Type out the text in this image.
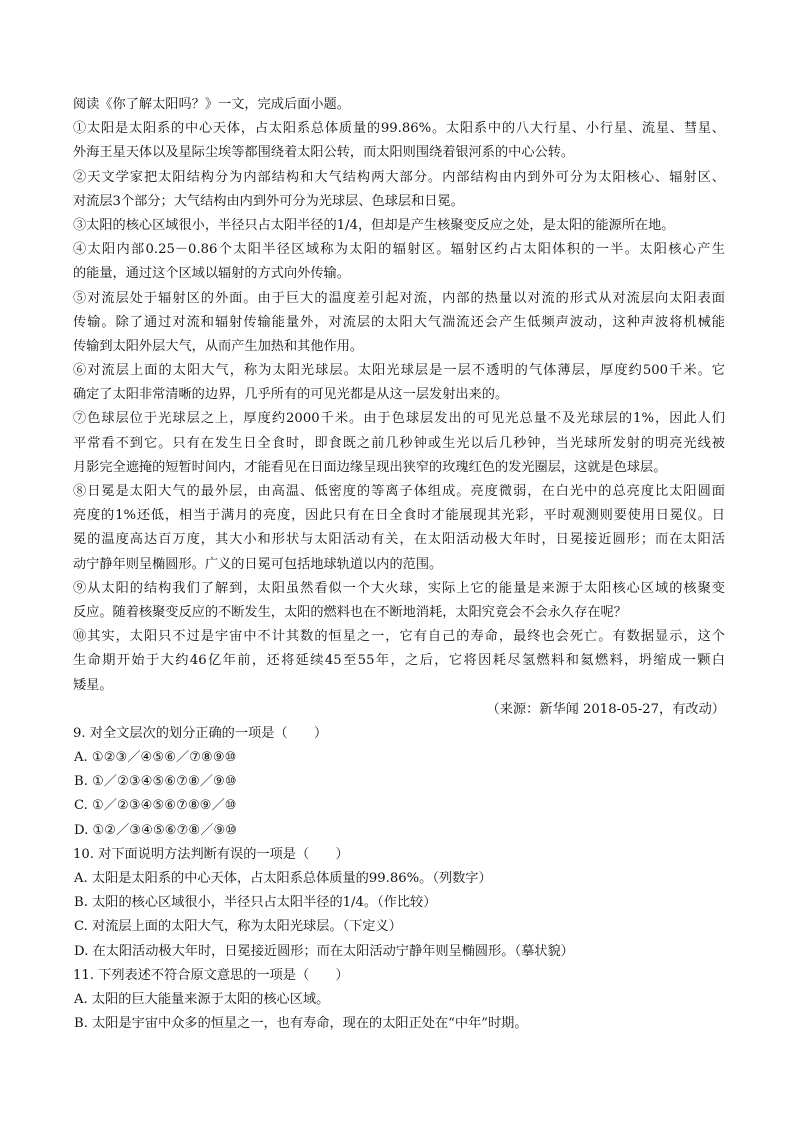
阅读《你了解太阳吗？》一文，完成后面小题。
①太阳是太阳系的中心天体，占太阳系总体质量的99.86%。太阳系中的八大行星、小行星、流星、彗星、
外海王星天体以及星际尘埃等都围绕着太阳公转，而太阳则围绕着银河系的中心公转。
②天文学家把太阳结构分为内部结构和大气结构两大部分。内部结构由内到外可分为太阳核心、辐射区、
对流层3个部分；大气结构由内到外可分为光球层、色球层和日冕。
③太阳的核心区域很小，半径只占太阳半径的1/4，但却是产生核聚变反应之处，是太阳的能源所在地。
④太阳内部0.25－0.86个太阳半径区域称为太阳的辐射区。辐射区约占太阳体积的一半。太阳核心产生
的能量，通过这个区域以辐射的方式向外传输。
⑤对流层处于辐射区的外面。由于巨大的温度差引起对流，内部的热量以对流的形式从对流层向太阳表面
传输。除了通过对流和辐射传输能量外，对流层的太阳大气湍流还会产生低频声波动，这种声波将机械能
传输到太阳外层大气，从而产生加热和其他作用。
⑥对流层上面的太阳大气，称为太阳光球层。太阳光球层是一层不透明的气体薄层，厚度约500千米。它
确定了太阳非常清晰的边界，几乎所有的可见光都是从这一层发射出来的。
⑦色球层位于光球层之上，厚度约2000千米。由于色球层发出的可见光总量不及光球层的1%，因此人们
平常看不到它。只有在发生日全食时，即食既之前几秒钟或生光以后几秒钟，当光球所发射的明亮光线被
月影完全遮掩的短暂时间内，才能看见在日面边缘呈现出狭窄的玫瑰红色的发光圈层，这就是色球层。
⑧日冕是太阳大气的最外层，由高温、低密度的等离子体组成。亮度微弱，在白光中的总亮度比太阳圆面
亮度的1%还低，相当于满月的亮度，因此只有在日全食时才能展现其光彩，平时观测则要使用日冕仪。日
冕的温度高达百万度，其大小和形状与太阳活动有关，在太阳活动极大年时，日冕接近圆形；而在太阳活
动宁静年则呈椭圆形。广义的日冕可包括地球轨道以内的范围。
⑨从太阳的结构我们了解到，太阳虽然看似一个大火球，实际上它的能量是来源于太阳核心区域的核聚变
反应。随着核聚变反应的不断发生，太阳的燃料也在不断地消耗，太阳究竟会不会永久存在呢？
⑩其实，太阳只不过是宇宙中不计其数的恒星之一，它有自己的寿命，最终也会死亡。有数据显示，这个
生命期开始于大约46亿年前，还将延续45至55年，之后，它将因耗尽氢燃料和氦燃料，坍缩成一颗白
矮星。
（来源：新华闻 2018-05-27，有改动）
9. 对全文层次的划分正确的一项是（　　）
A. ①②③／④⑤⑥／⑦⑧⑨⑩
B. ①／②③④⑤⑥⑦⑧／⑨⑩
C. ①／②③④⑤⑥⑦⑧⑨／⑩
D. ①②／③④⑤⑥⑦⑧／⑨⑩
10. 对下面说明方法判断有误的一项是（　　）
A. 太阳是太阳系的中心天体，占太阳系总体质量的99.86%。（列数字）
B. 太阳的核心区域很小，半径只占太阳半径的1/4。（作比较）
C. 对流层上面的太阳大气，称为太阳光球层。（下定义）
D. 在太阳活动极大年时，日冕接近圆形；而在太阳活动宁静年则呈椭圆形。（摹状貌）
11. 下列表述不符合原文意思的一项是（　　）
A. 太阳的巨大能量来源于太阳的核心区域。
B. 太阳是宇宙中众多的恒星之一，也有寿命，现在的太阳正处在“中年”时期。
